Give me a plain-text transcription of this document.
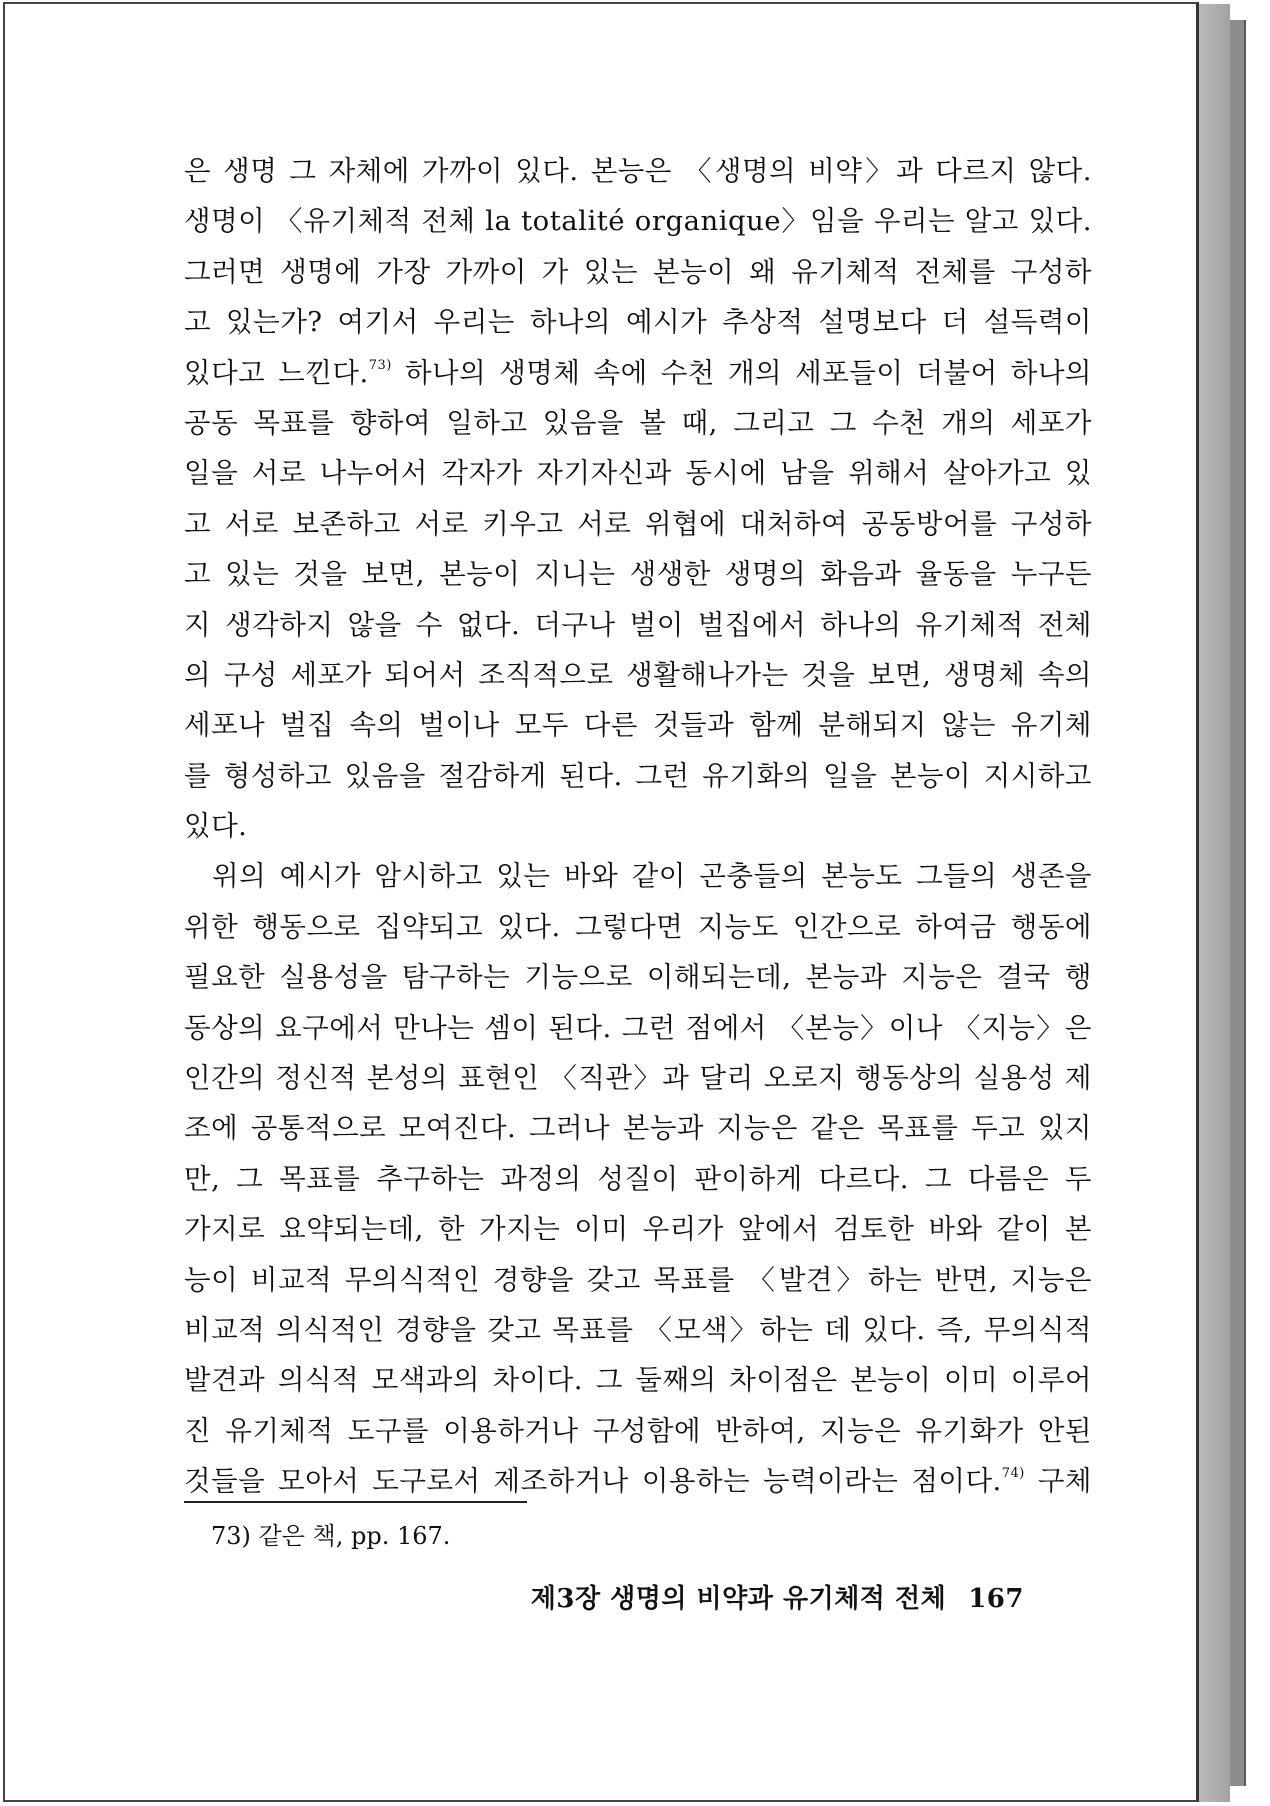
은 생명 그 자체에 가까이 있다. 본능은 〈생명의 비약〉과 다르지 않다.
생명이 〈유기체적 전체 la totalité organique〉임을 우리는 알고 있다.
그러면 생명에 가장 가까이 가 있는 본능이 왜 유기체적 전체를 구성하
고 있는가? 여기서 우리는 하나의 예시가 추상적 설명보다 더 설득력이
있다고 느낀다.$^{73)}$ 하나의 생명체 속에 수천 개의 세포들이 더불어 하나의
공동 목표를 향하여 일하고 있음을 볼 때, 그리고 그 수천 개의 세포가
일을 서로 나누어서 각자가 자기자신과 동시에 남을 위해서 살아가고 있
고 서로 보존하고 서로 키우고 서로 위협에 대처하여 공동방어를 구성하
고 있는 것을 보면, 본능이 지니는 생생한 생명의 화음과 율동을 누구든
지 생각하지 않을 수 없다. 더구나 벌이 벌집에서 하나의 유기체적 전체
의 구성 세포가 되어서 조직적으로 생활해나가는 것을 보면, 생명체 속의
세포나 벌집 속의 벌이나 모두 다른 것들과 함께 분해되지 않는 유기체
를 형성하고 있음을 절감하게 된다. 그런 유기화의 일을 본능이 지시하고
있다.
위의 예시가 암시하고 있는 바와 같이 곤충들의 본능도 그들의 생존을
위한 행동으로 집약되고 있다. 그렇다면 지능도 인간으로 하여금 행동에
필요한 실용성을 탐구하는 기능으로 이해되는데, 본능과 지능은 결국 행
동상의 요구에서 만나는 셈이 된다. 그런 점에서 〈본능〉이나 〈지능〉은
인간의 정신적 본성의 표현인 〈직관〉과 달리 오로지 행동상의 실용성 제
조에 공통적으로 모여진다. 그러나 본능과 지능은 같은 목표를 두고 있지
만, 그 목표를 추구하는 과정의 성질이 판이하게 다르다. 그 다름은 두
가지로 요약되는데, 한 가지는 이미 우리가 앞에서 검토한 바와 같이 본
능이 비교적 무의식적인 경향을 갖고 목표를 〈발견〉하는 반면, 지능은
비교적 의식적인 경향을 갖고 목표를 〈모색〉하는 데 있다. 즉, 무의식적
발견과 의식적 모색과의 차이다. 그 둘째의 차이점은 본능이 이미 이루어
진 유기체적 도구를 이용하거나 구성함에 반하여, 지능은 유기화가 안된
것들을 모아서 도구로서 제조하거나 이용하는 능력이라는 점이다.$^{74)}$ 구체
73) 같은 책, pp. 167.
제3장 생명의 비약과 유기체적 전체 167
